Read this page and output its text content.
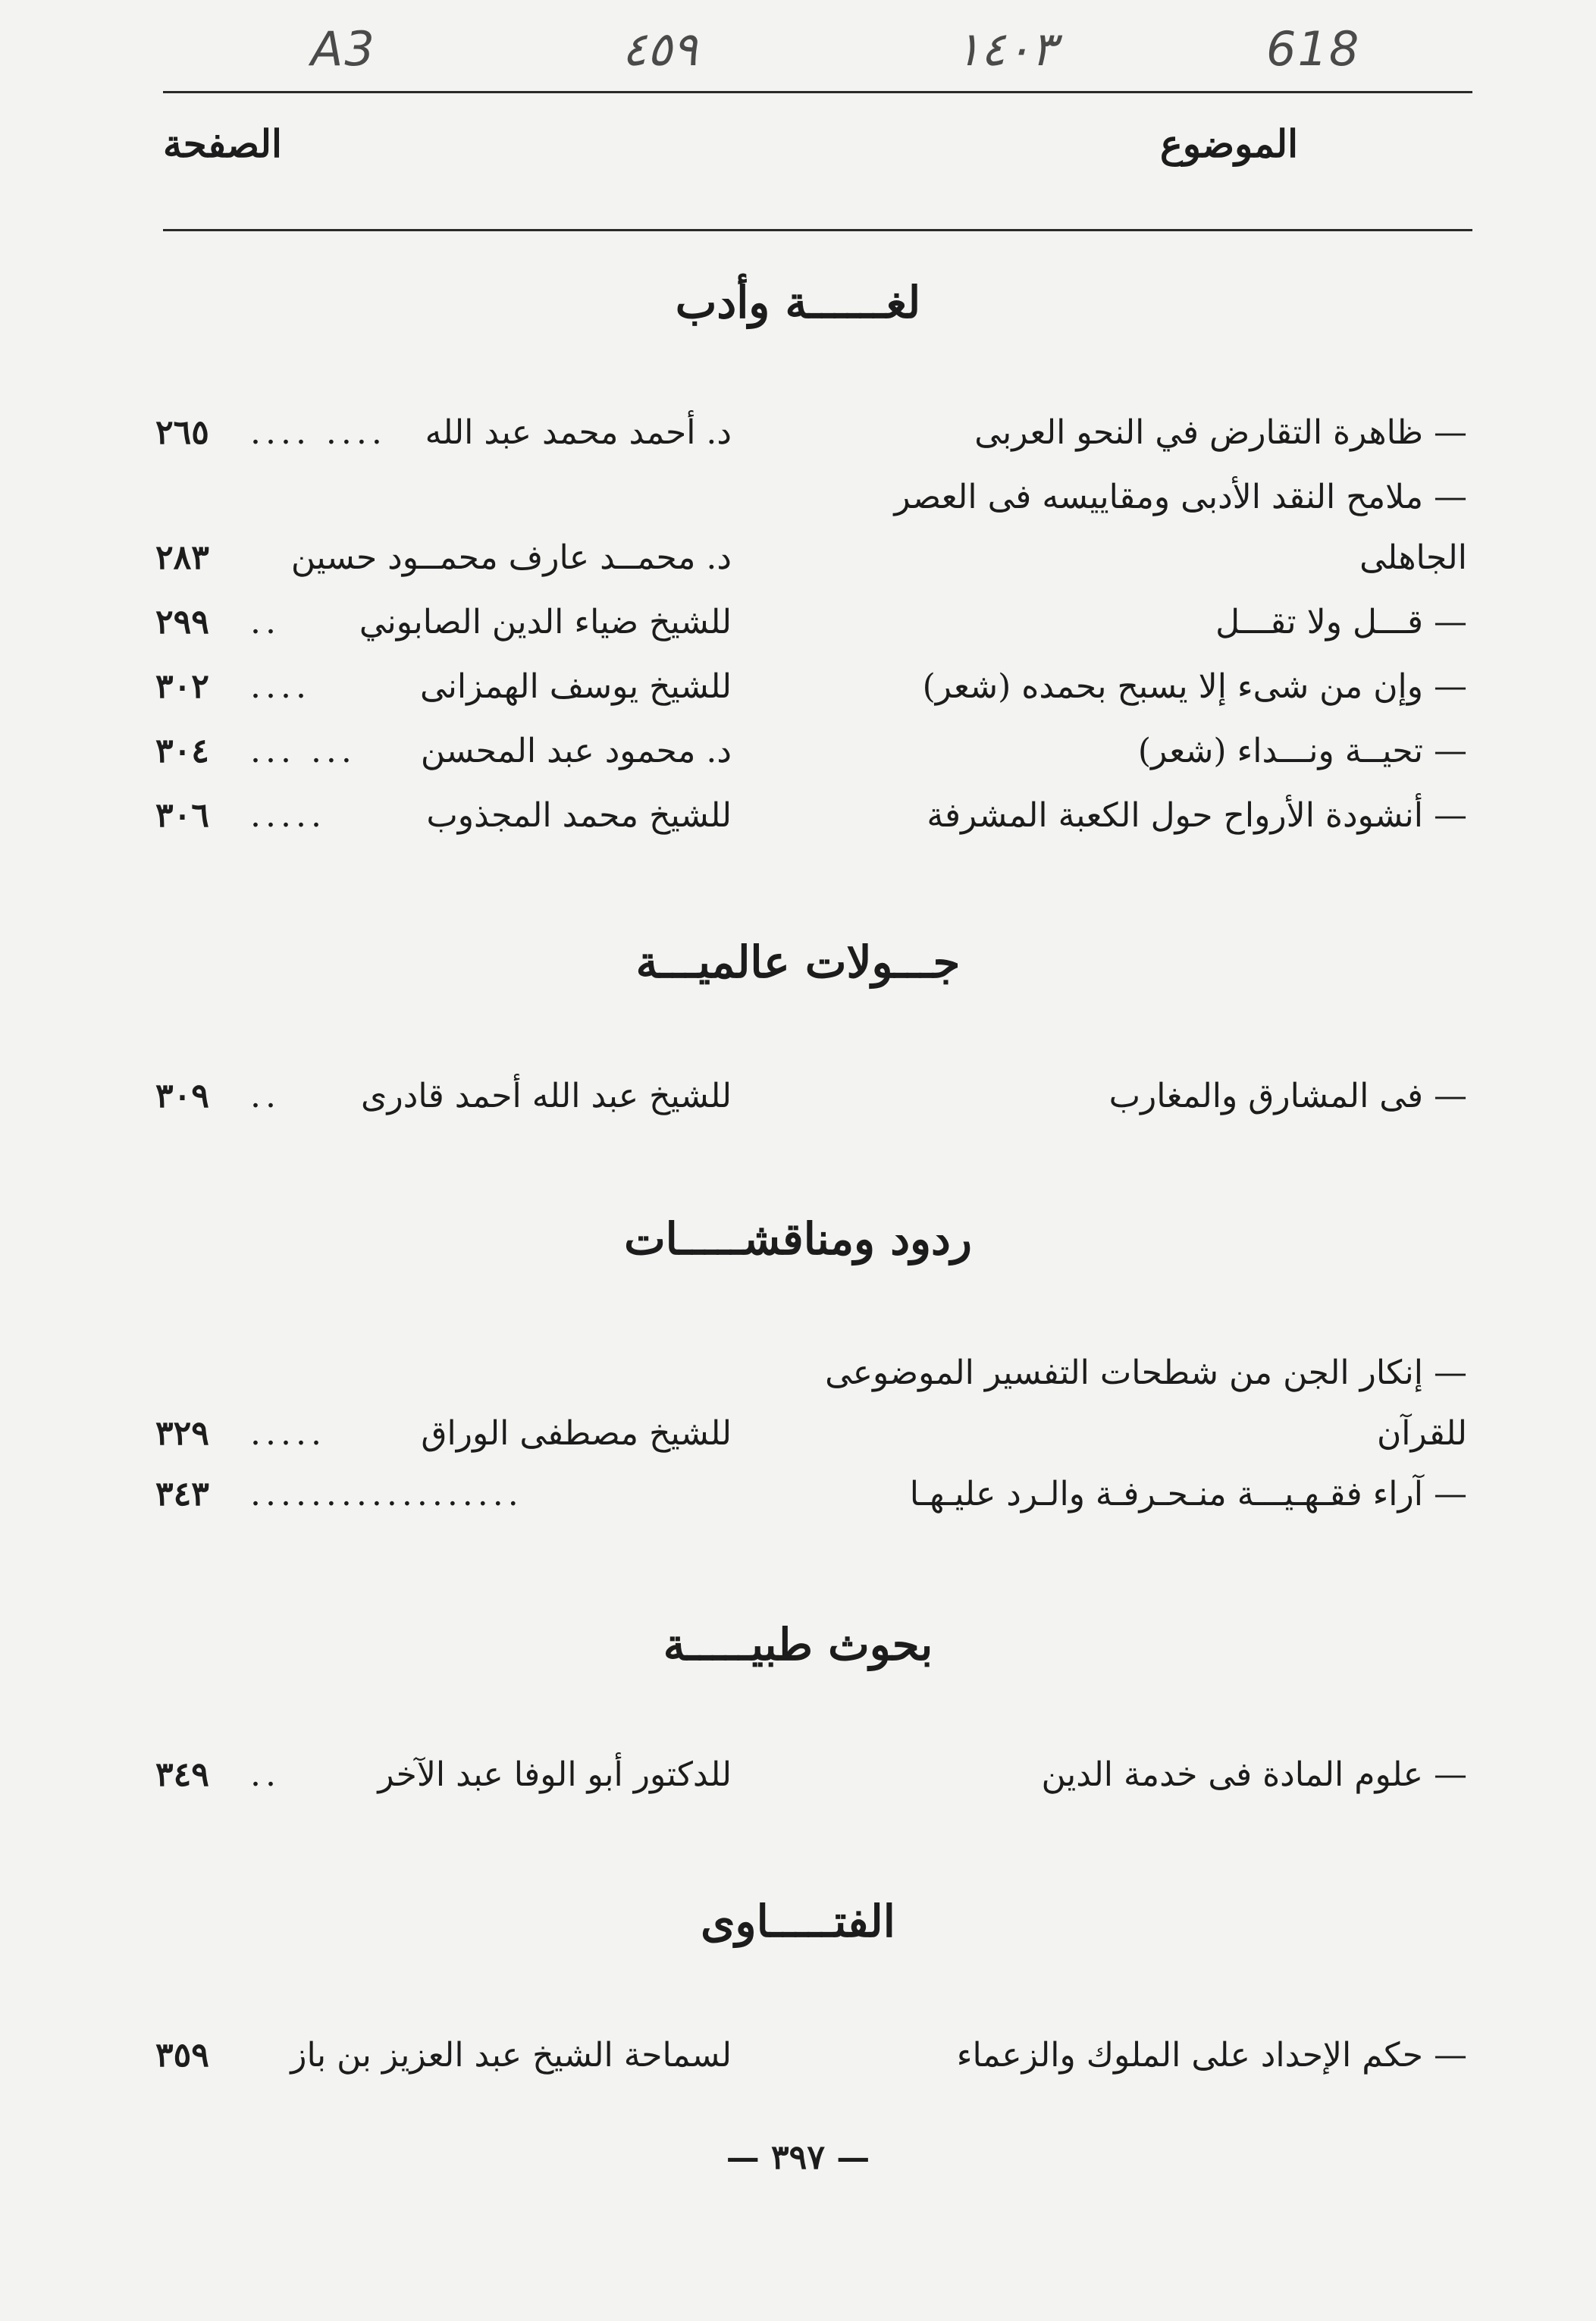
A3	٤٥٩	١٤٠٣	618
الموضوع
الصفحة
لغــــــة وأدب
— ظاهرة التقارض في النحو العربى
د. أحمد محمد عبد الله
.... ....
٢٦٥
— ملامح النقد الأدبى ومقاييسه فى العصر
الجاهلى
د. محمــد عارف محمــود حسين
٢٨٣
— قـــل ولا تقـــل
للشيخ ضياء الدين الصابوني
..
٢٩٩
— وإن من شىء إلا يسبح بحمده (شعر)
للشيخ يوسف الهمزانى
....
٣٠٢
— تحيــة ونـــداء (شعر)
د. محمود عبد المحسن
... ...
٣٠٤
— أنشودة الأرواح حول الكعبة المشرفة
للشيخ محمد المجذوب
.....
٣٠٦
جـــولات عالميـــة
— فى المشارق والمغارب
للشيخ عبد الله أحمد قادرى
..
٣٠٩
ردود ومناقشـــــات
— إنكار الجن من شطحات التفسير الموضوعى
للقرآن
للشيخ مصطفى الوراق
.....
٣٢٩
— آراء فقـهـيـــة منـحـرفـة والـرد عليـهـا
..................
٣٤٣
بحوث طبيـــــة
— علوم المادة فى خدمة الدين
للدكتور أبو الوفا عبد الآخر
..
٣٤٩
الفتـــــاوى
— حكم الإحداد على الملوك والزعماء
لسماحة الشيخ عبد العزيز بن باز
٣٥٩
— ٣٩٧ —
